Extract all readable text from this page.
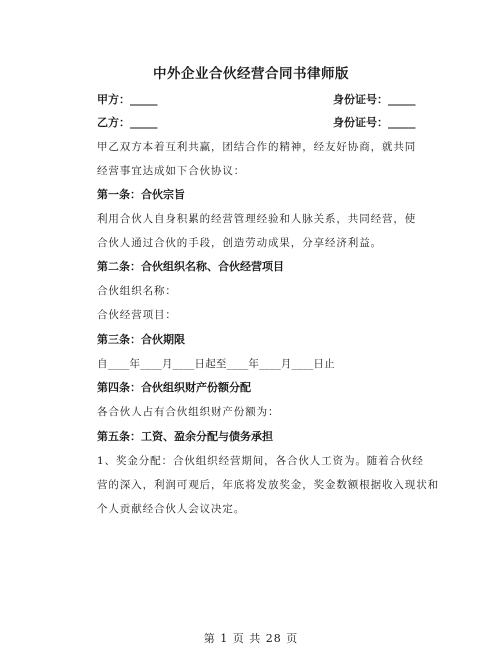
中外企业合伙经营合同书律师版
甲方：_____	身份证号：_____
乙方：_____	身份证号：_____
甲乙双方本着互利共赢，团结合作的精神，经友好协商，就共同
经营事宜达成如下合伙协议：
第一条：合伙宗旨
利用合伙人自身积累的经营管理经验和人脉关系，共同经营，使
合伙人通过合伙的手段，创造劳动成果，分享经济利益。
第二条：合伙组织名称、合伙经营项目
合伙组织名称：
合伙经营项目：
第三条：合伙期限
自____年____月____日起至____年____月____日止
第四条：合伙组织财产份额分配
各合伙人占有合伙组织财产份额为：
第五条：工资、盈余分配与债务承担
1、奖金分配：合伙组织经营期间，各合伙人工资为。随着合伙经
营的深入，利润可观后，年底将发放奖金，奖金数额根据收入现状和
个人贡献经合伙人会议决定。
第 1 页 共 28 页
